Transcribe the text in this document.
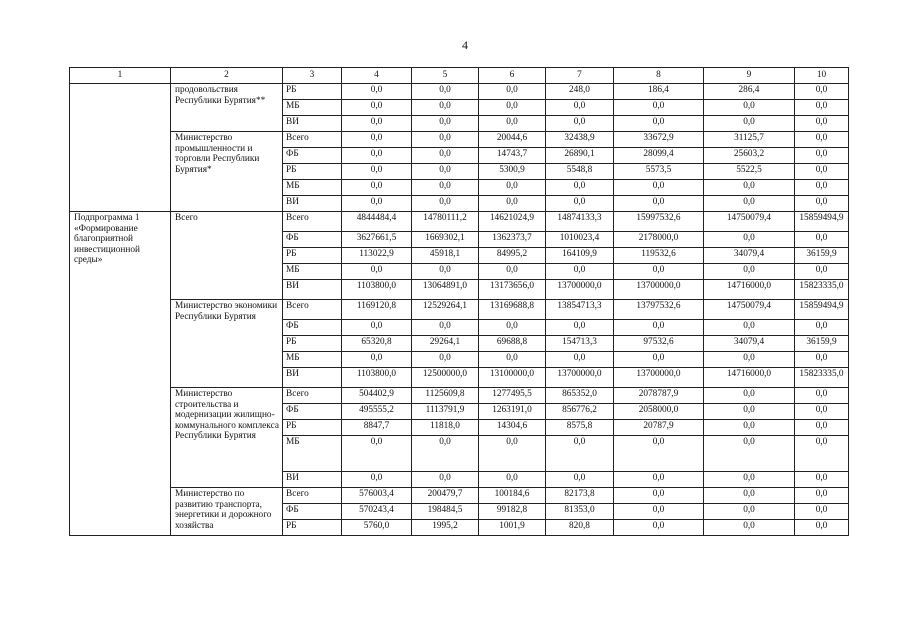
4
1	2	3	4	5	6	7	8	9	10
	продовольствия Республики Бурятия**	РБ	0,0	0,0	0,0	248,0	186,4	286,4	0,0
		МБ	0,0	0,0	0,0	0,0	0,0	0,0	0,0
		ВИ	0,0	0,0	0,0	0,0	0,0	0,0	0,0
	Министерство промышленности и торговли Республики Бурятия*	Всего	0,0	0,0	20044,6	32438,9	33672,9	31125,7	0,0
		ФБ	0,0	0,0	14743,7	26890,1	28099,4	25603,2	0,0
		РБ	0,0	0,0	5300,9	5548,8	5573,5	5522,5	0,0
		МБ	0,0	0,0	0,0	0,0	0,0	0,0	0,0
		ВИ	0,0	0,0	0,0	0,0	0,0	0,0	0,0
Подпрограмма 1 «Формирование благоприятной инвестиционной среды»	Всего	Всего	4844484,4	14780111,2	14621024,9	14874133,3	15997532,6	14750079,4	15859494,9
		ФБ	3627661,5	1669302,1	1362373,7	1010023,4	2178000,0	0,0	0,0
		РБ	113022,9	45918,1	84995,2	164109,9	119532,6	34079,4	36159,9
		МБ	0,0	0,0	0,0	0,0	0,0	0,0	0,0
		ВИ	1103800,0	13064891,0	13173656,0	13700000,0	13700000,0	14716000,0	15823335,0
	Министерство экономики Республики Бурятия	Всего	1169120,8	12529264,1	13169688,8	13854713,3	13797532,6	14750079,4	15859494,9
		ФБ	0,0	0,0	0,0	0,0	0,0	0,0	0,0
		РБ	65320,8	29264,1	69688,8	154713,3	97532,6	34079,4	36159,9
		МБ	0,0	0,0	0,0	0,0	0,0	0,0	0,0
		ВИ	1103800,0	12500000,0	13100000,0	13700000,0	13700000,0	14716000,0	15823335,0
	Министерство строительства и модернизации жилищно-коммунального комплекса Республики Бурятия	Всего	504402,9	1125609,8	1277495,5	865352,0	2078787,9	0,0	0,0
		ФБ	495555,2	1113791,9	1263191,0	856776,2	2058000,0	0,0	0,0
		РБ	8847,7	11818,0	14304,6	8575,8	20787,9	0,0	0,0
		МБ	0,0	0,0	0,0	0,0	0,0	0,0	0,0
		ВИ	0,0	0,0	0,0	0,0	0,0	0,0	0,0
	Министерство по развитию транспорта, энергетики и дорожного хозяйства	Всего	576003,4	200479,7	100184,6	82173,8	0,0	0,0	0,0
		ФБ	570243,4	198484,5	99182,8	81353,0	0,0	0,0	0,0
		РБ	5760,0	1995,2	1001,9	820,8	0,0	0,0	0,0
